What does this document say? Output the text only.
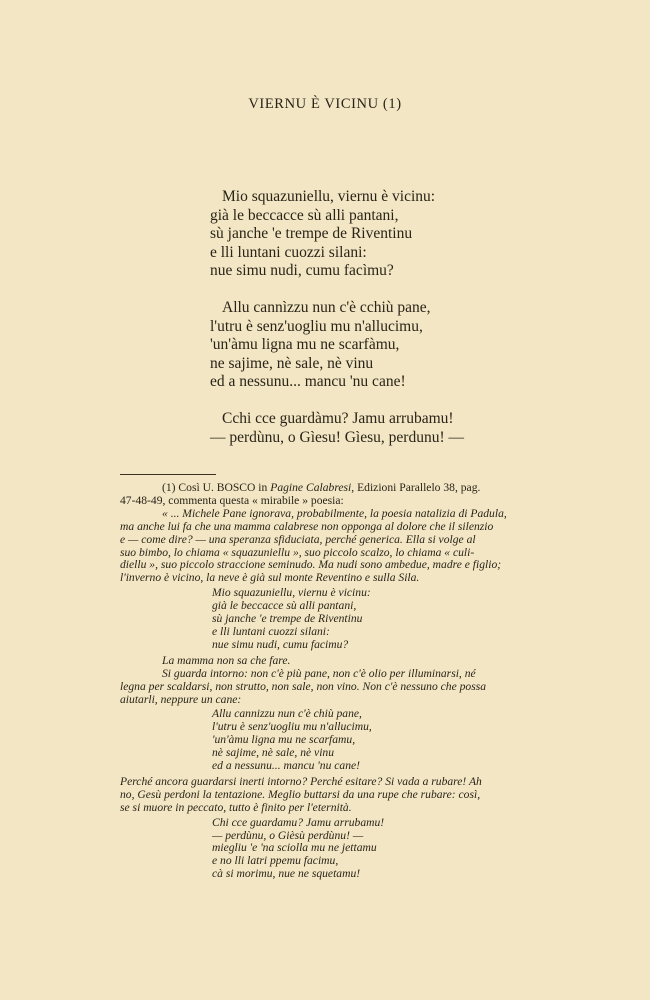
VIERNU È VICINU (1)
Mio squazuniellu, viernu è vicinu:
già le beccacce sù alli pantani,
sù janche 'e trempe de Riventinu
e lli luntani cuozzi silani:
nue simu nudi, cumu facìmu?
Allu cannìzzu nun c'è cchiù pane,
l'utru è senz'uogliu mu n'allucimu,
'un'àmu ligna mu ne scarfàmu,
ne sajime, nè sale, nè vinu
ed a nessunu... mancu 'nu cane!
Cchi cce guardàmu? Jamu arrubamu!
— perdùnu, o Gìesu! Gìesu, perdunu! —
(1) Così U. BOSCO in Pagine Calabresi, Edizioni Parallelo 38, pag.
47-48-49, commenta questa « mirabile » poesia:
« ... Michele Pane ignorava, probabilmente, la poesia natalizia di Padula,
ma anche lui fa che una mamma calabrese non opponga al dolore che il silenzio
e — come dire? — una speranza sfiduciata, perché generica. Ella si volge al
suo bimbo, lo chiama « squazuniellu », suo piccolo scalzo, lo chiama « culi-
diellu », suo piccolo straccione seminudo. Ma nudi sono ambedue, madre e figlio;
l'inverno è vicino, la neve è già sul monte Reventino e sulla Sila.
Mio squazuniellu, viernu è vicinu:
già le beccacce sù alli pantani,
sù janche 'e trempe de Riventinu
e lli luntani cuozzi silani:
nue simu nudi, cumu facimu?
La mamma non sa che fare.
Si guarda intorno: non c'è più pane, non c'è olio per illuminarsi, né
legna per scaldarsi, non strutto, non sale, non vino. Non c'è nessuno che possa
aiutarli, neppure un cane:
Allu cannizzu nun c'è chiù pane,
l'utru è senz'uogliu mu n'allucimu,
'un'àmu ligna mu ne scarfamu,
nè sajime, nè sale, nè vinu
ed a nessunu... mancu 'nu cane!
Perché ancora guardarsi inerti intorno? Perché esitare? Si vada a rubare! Ah
no, Gesù perdoni la tentazione. Meglio buttarsi da una rupe che rubare: così,
se si muore in peccato, tutto è finito per l'eternità.
Chi cce guardamu? Jamu arrubamu!
— perdùnu, o Gièsù perdùnu! —
miegliu 'e 'na sciolla mu ne jettamu
e no lli latri ppemu facimu,
cà si morimu, nue ne squetamu!
